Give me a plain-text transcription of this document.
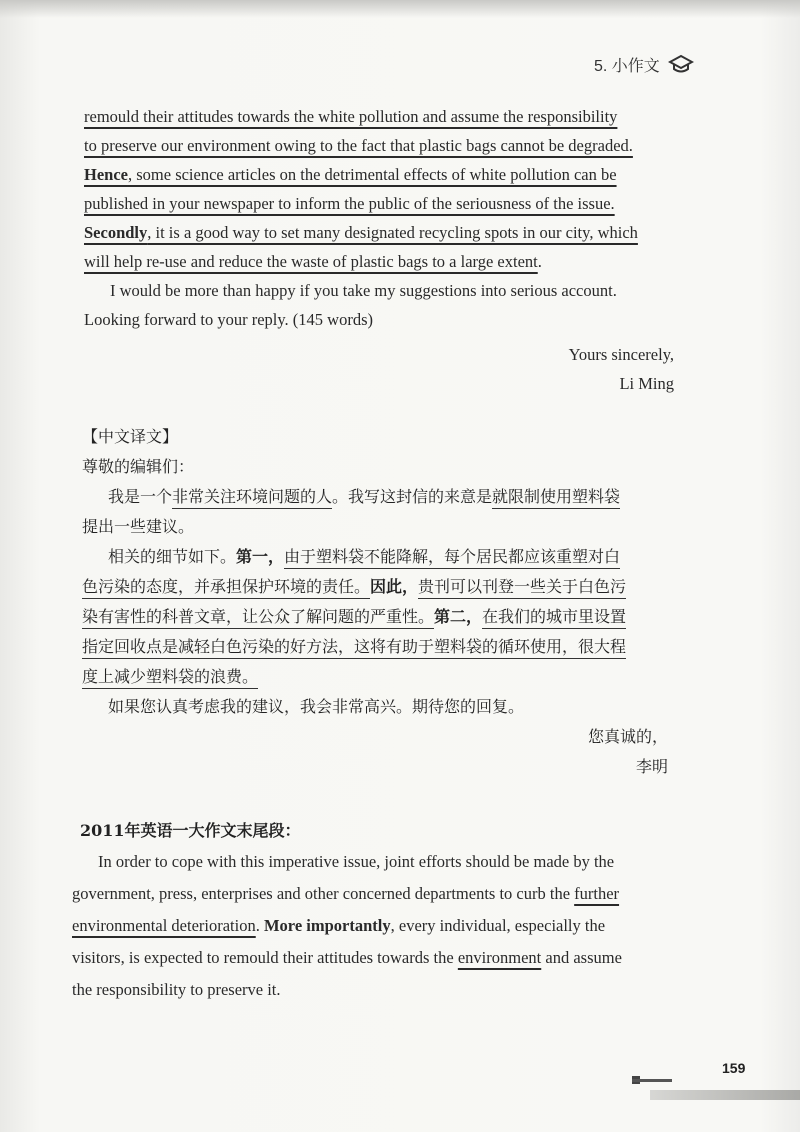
5. 小作文
remould their attitudes towards the white pollution and assume the responsibility
to preserve our environment owing to the fact that plastic bags cannot be degraded.
Hence, some science articles on the detrimental effects of white pollution can be
published in your newspaper to inform the public of the seriousness of the issue.
Secondly, it is a good way to set many designated recycling spots in our city, which
will help re-use and reduce the waste of plastic bags to a large extent.
I would be more than happy if you take my suggestions into serious account.
Looking forward to your reply. (145 words)
Yours sincerely,
Li Ming
【中文译文】
尊敬的编辑们：
我是一个非常关注环境问题的人。我写这封信的来意是就限制使用塑料袋
提出一些建议。
相关的细节如下。第一，由于塑料袋不能降解，每个居民都应该重塑对白
色污染的态度，并承担保护环境的责任。因此，贵刊可以刊登一些关于白色污
染有害性的科普文章，让公众了解问题的严重性。第二，在我们的城市里设置
指定回收点是减轻白色污染的好方法，这将有助于塑料袋的循环使用，很大程
度上减少塑料袋的浪费。
如果您认真考虑我的建议，我会非常高兴。期待您的回复。
您真诚的，
李明
2011年英语一大作文末尾段：
In order to cope with this imperative issue, joint efforts should be made by the
government, press, enterprises and other concerned departments to curb the further
environmental deterioration. More importantly, every individual, especially the
visitors, is expected to remould their attitudes towards the environment and assume
the responsibility to preserve it.
159
